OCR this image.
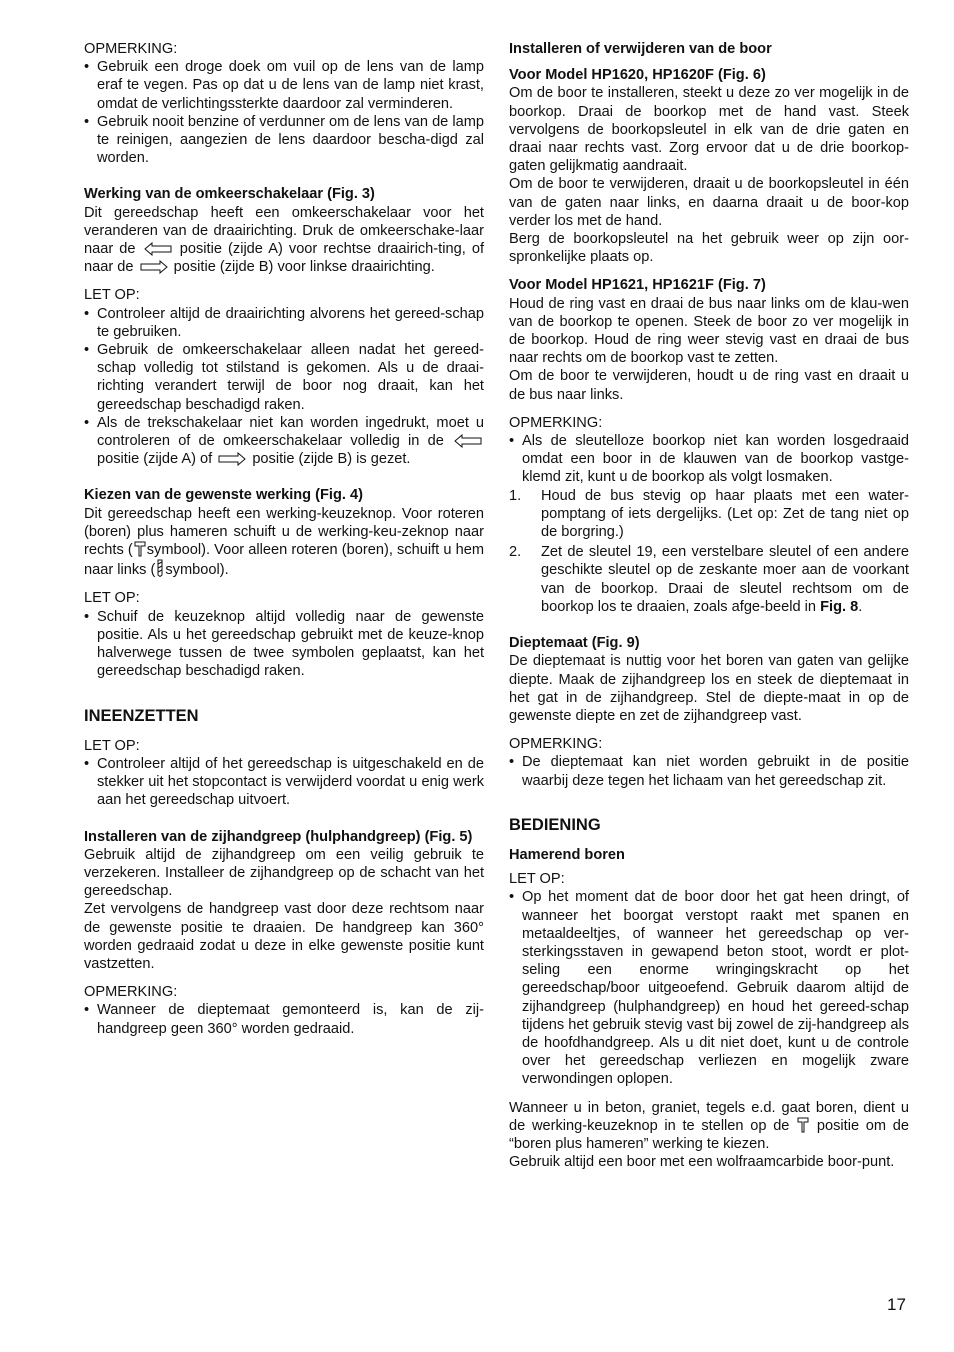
OPMERKING:

• Gebruik een droge doek om vuil op de lens van de lamp eraf te vegen. Pas op dat u de lens van de lamp niet krast, omdat de verlichtingssterkte daardoor zal verminderen.
• Gebruik nooit benzine of verdunner om de lens van de lamp te reinigen, aangezien de lens daardoor bescha-digd zal worden.

Werking van de omkeerschakelaar (Fig. 3)

Dit gereedschap heeft een omkeerschakelaar voor het veranderen van de draairichting. Druk de omkeerschake-laar naar de	positie (zijde A) voor rechtse draairich-ting, of naar de	positie (zijde B) voor linkse draairichting.

LET OP:

• Controleer altijd de draairichting alvorens het gereed-schap te gebruiken.
• Gebruik de omkeerschakelaar alleen nadat het gereed-schap volledig tot stilstand is gekomen. Als u de draai-richting verandert terwijl de boor nog draait, kan het gereedschap beschadigd raken.
• Als de trekschakelaar niet kan worden ingedrukt, moet u controleren of de omkeerschakelaar volledig in de  positie (zijde A) of	positie (zijde B) is gezet.

Kiezen van de gewenste werking (Fig. 4)

Dit gereedschap heeft een werking-keuzeknop. Voor roteren (boren) plus hameren schuift u de werking-keu-zeknop naar rechts ( symbool). Voor alleen roteren (boren), schuift u hem naar links ( symbool).

LET OP:

• Schuif de keuzeknop altijd volledig naar de gewenste positie. Als u het gereedschap gebruikt met de keuze-knop halverwege tussen de twee symbolen geplaatst, kan het gereedschap beschadigd raken.

INEENZETTEN

LET OP:

• Controleer altijd of het gereedschap is uitgeschakeld en de stekker uit het stopcontact is verwijderd voordat u enig werk aan het gereedschap uitvoert.

Installeren van de zijhandgreep (hulphandgreep) (Fig. 5)

Gebruik altijd de zijhandgreep om een veilig gebruik te verzekeren. Installeer de zijhandgreep op de schacht van het gereedschap.

Zet vervolgens de handgreep vast door deze rechtsom naar de gewenste positie te draaien. De handgreep kan 360° worden gedraaid zodat u deze in elke gewenste positie kunt vastzetten.

OPMERKING:

• Wanneer de dieptemaat gemonteerd is, kan de zij-handgreep geen 360° worden gedraaid.

Installeren of verwijderen van de boor

Voor Model HP1620, HP1620F (Fig. 6)

Om de boor te installeren, steekt u deze zo ver mogelijk in de boorkop. Draai de boorkop met de hand vast. Steek vervolgens de boorkopsleutel in elk van de drie gaten en draai naar rechts vast. Zorg ervoor dat u de drie boorkop-gaten gelijkmatig aandraait.

Om de boor te verwijderen, draait u de boorkopsleutel in één van de gaten naar links, en daarna draait u de boor-kop verder los met de hand.

Berg de boorkopsleutel na het gebruik weer op zijn oor-spronkelijke plaats op.

Voor Model HP1621, HP1621F (Fig. 7)

Houd de ring vast en draai de bus naar links om de klau-wen van de boorkop te openen. Steek de boor zo ver mogelijk in de boorkop. Houd de ring weer stevig vast en draai de bus naar rechts om de boorkop vast te zetten.

Om de boor te verwijderen, houdt u de ring vast en draait u de bus naar links.

OPMERKING:

• Als de sleutelloze boorkop niet kan worden losgedraaid omdat een boor in de klauwen van de boorkop vastge-klemd zit, kunt u de boorkop als volgt losmaken.
1. Houd de bus stevig op haar plaats met een water-pomptang of iets dergelijks. (Let op: Zet de tang niet op de borgring.)
2. Zet de sleutel 19, een verstelbare sleutel of een andere geschikte sleutel op de zeskante moer aan de voorkant van de boorkop. Draai de sleutel rechtsom om de boorkop los te draaien, zoals afge-beeld in Fig. 8.

Dieptemaat (Fig. 9)

De dieptemaat is nuttig voor het boren van gaten van gelijke diepte. Maak de zijhandgreep los en steek de dieptemaat in het gat in de zijhandgreep. Stel de diepte-maat in op de gewenste diepte en zet de zijhandgreep vast.

OPMERKING:

• De dieptemaat kan niet worden gebruikt in de positie waarbij deze tegen het lichaam van het gereedschap zit.

BEDIENING

Hamerend boren

LET OP:

• Op het moment dat de boor door het gat heen dringt, of wanneer het boorgat verstopt raakt met spanen en metaaldeeltjes, of wanneer het gereedschap op ver-sterkingsstaven in gewapend beton stoot, wordt er plot-seling een enorme wringingskracht op het gereedschap/boor uitgeoefend. Gebruik daarom altijd de zijhandgreep (hulphandgreep) en houd het gereed-schap tijdens het gebruik stevig vast bij zowel de zij-handgreep als de hoofdhandgreep. Als u dit niet doet, kunt u de controle over het gereedschap verliezen en mogelijk zware verwondingen oplopen.

Wanneer u in beton, graniet, tegels e.d. gaat boren, dient u de werking-keuzeknop in te stellen op de positie om de “boren plus hameren” werking te kiezen.

Gebruik altijd een boor met een wolfraamcarbide boor-punt.

17
